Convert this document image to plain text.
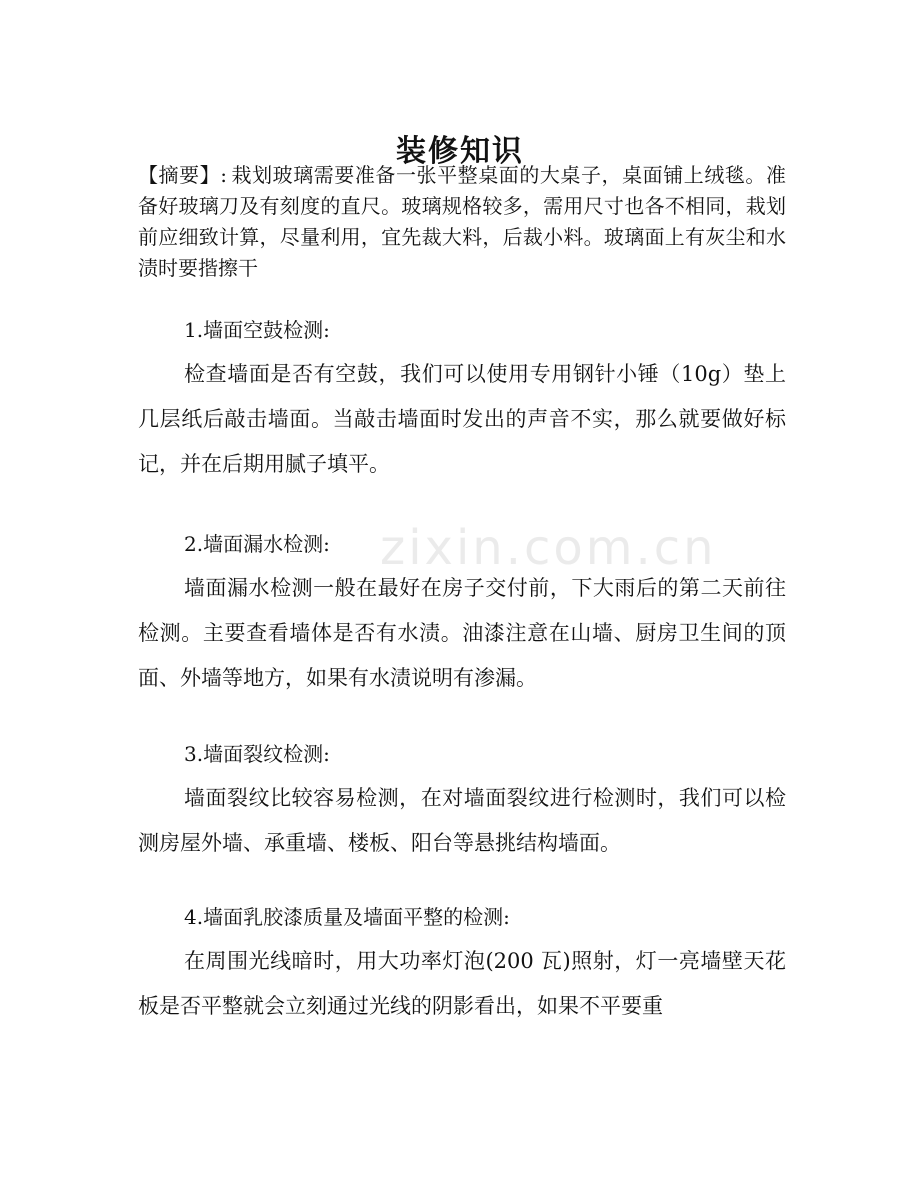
zixin.com.cn
装修知识
【摘要】: 栽划玻璃需要准备一张平整桌面的大桌子，桌面铺上绒毯。准备好玻璃刀及有刻度的直尺。玻璃规格较多，需用尺寸也各不相同，栽划前应细致计算，尽量利用，宜先裁大料，后裁小料。玻璃面上有灰尘和水渍时要揩擦干
1.墙面空鼓检测:
检查墙面是否有空鼓，我们可以使用专用钢针小锤（10g）垫上几层纸后敲击墙面。当敲击墙面时发出的声音不实，那么就要做好标记，并在后期用腻子填平。
2.墙面漏水检测:
墙面漏水检测一般在最好在房子交付前，下大雨后的第二天前往检测。主要查看墙体是否有水渍。油漆注意在山墙、厨房卫生间的顶面、外墙等地方，如果有水渍说明有渗漏。
3.墙面裂纹检测:
墙面裂纹比较容易检测，在对墙面裂纹进行检测时，我们可以检测房屋外墙、承重墙、楼板、阳台等悬挑结构墙面。
4.墙面乳胶漆质量及墙面平整的检测:
在周围光线暗时，用大功率灯泡(200 瓦)照射，灯一亮墙壁天花板是否平整就会立刻通过光线的阴影看出，如果不平要重
